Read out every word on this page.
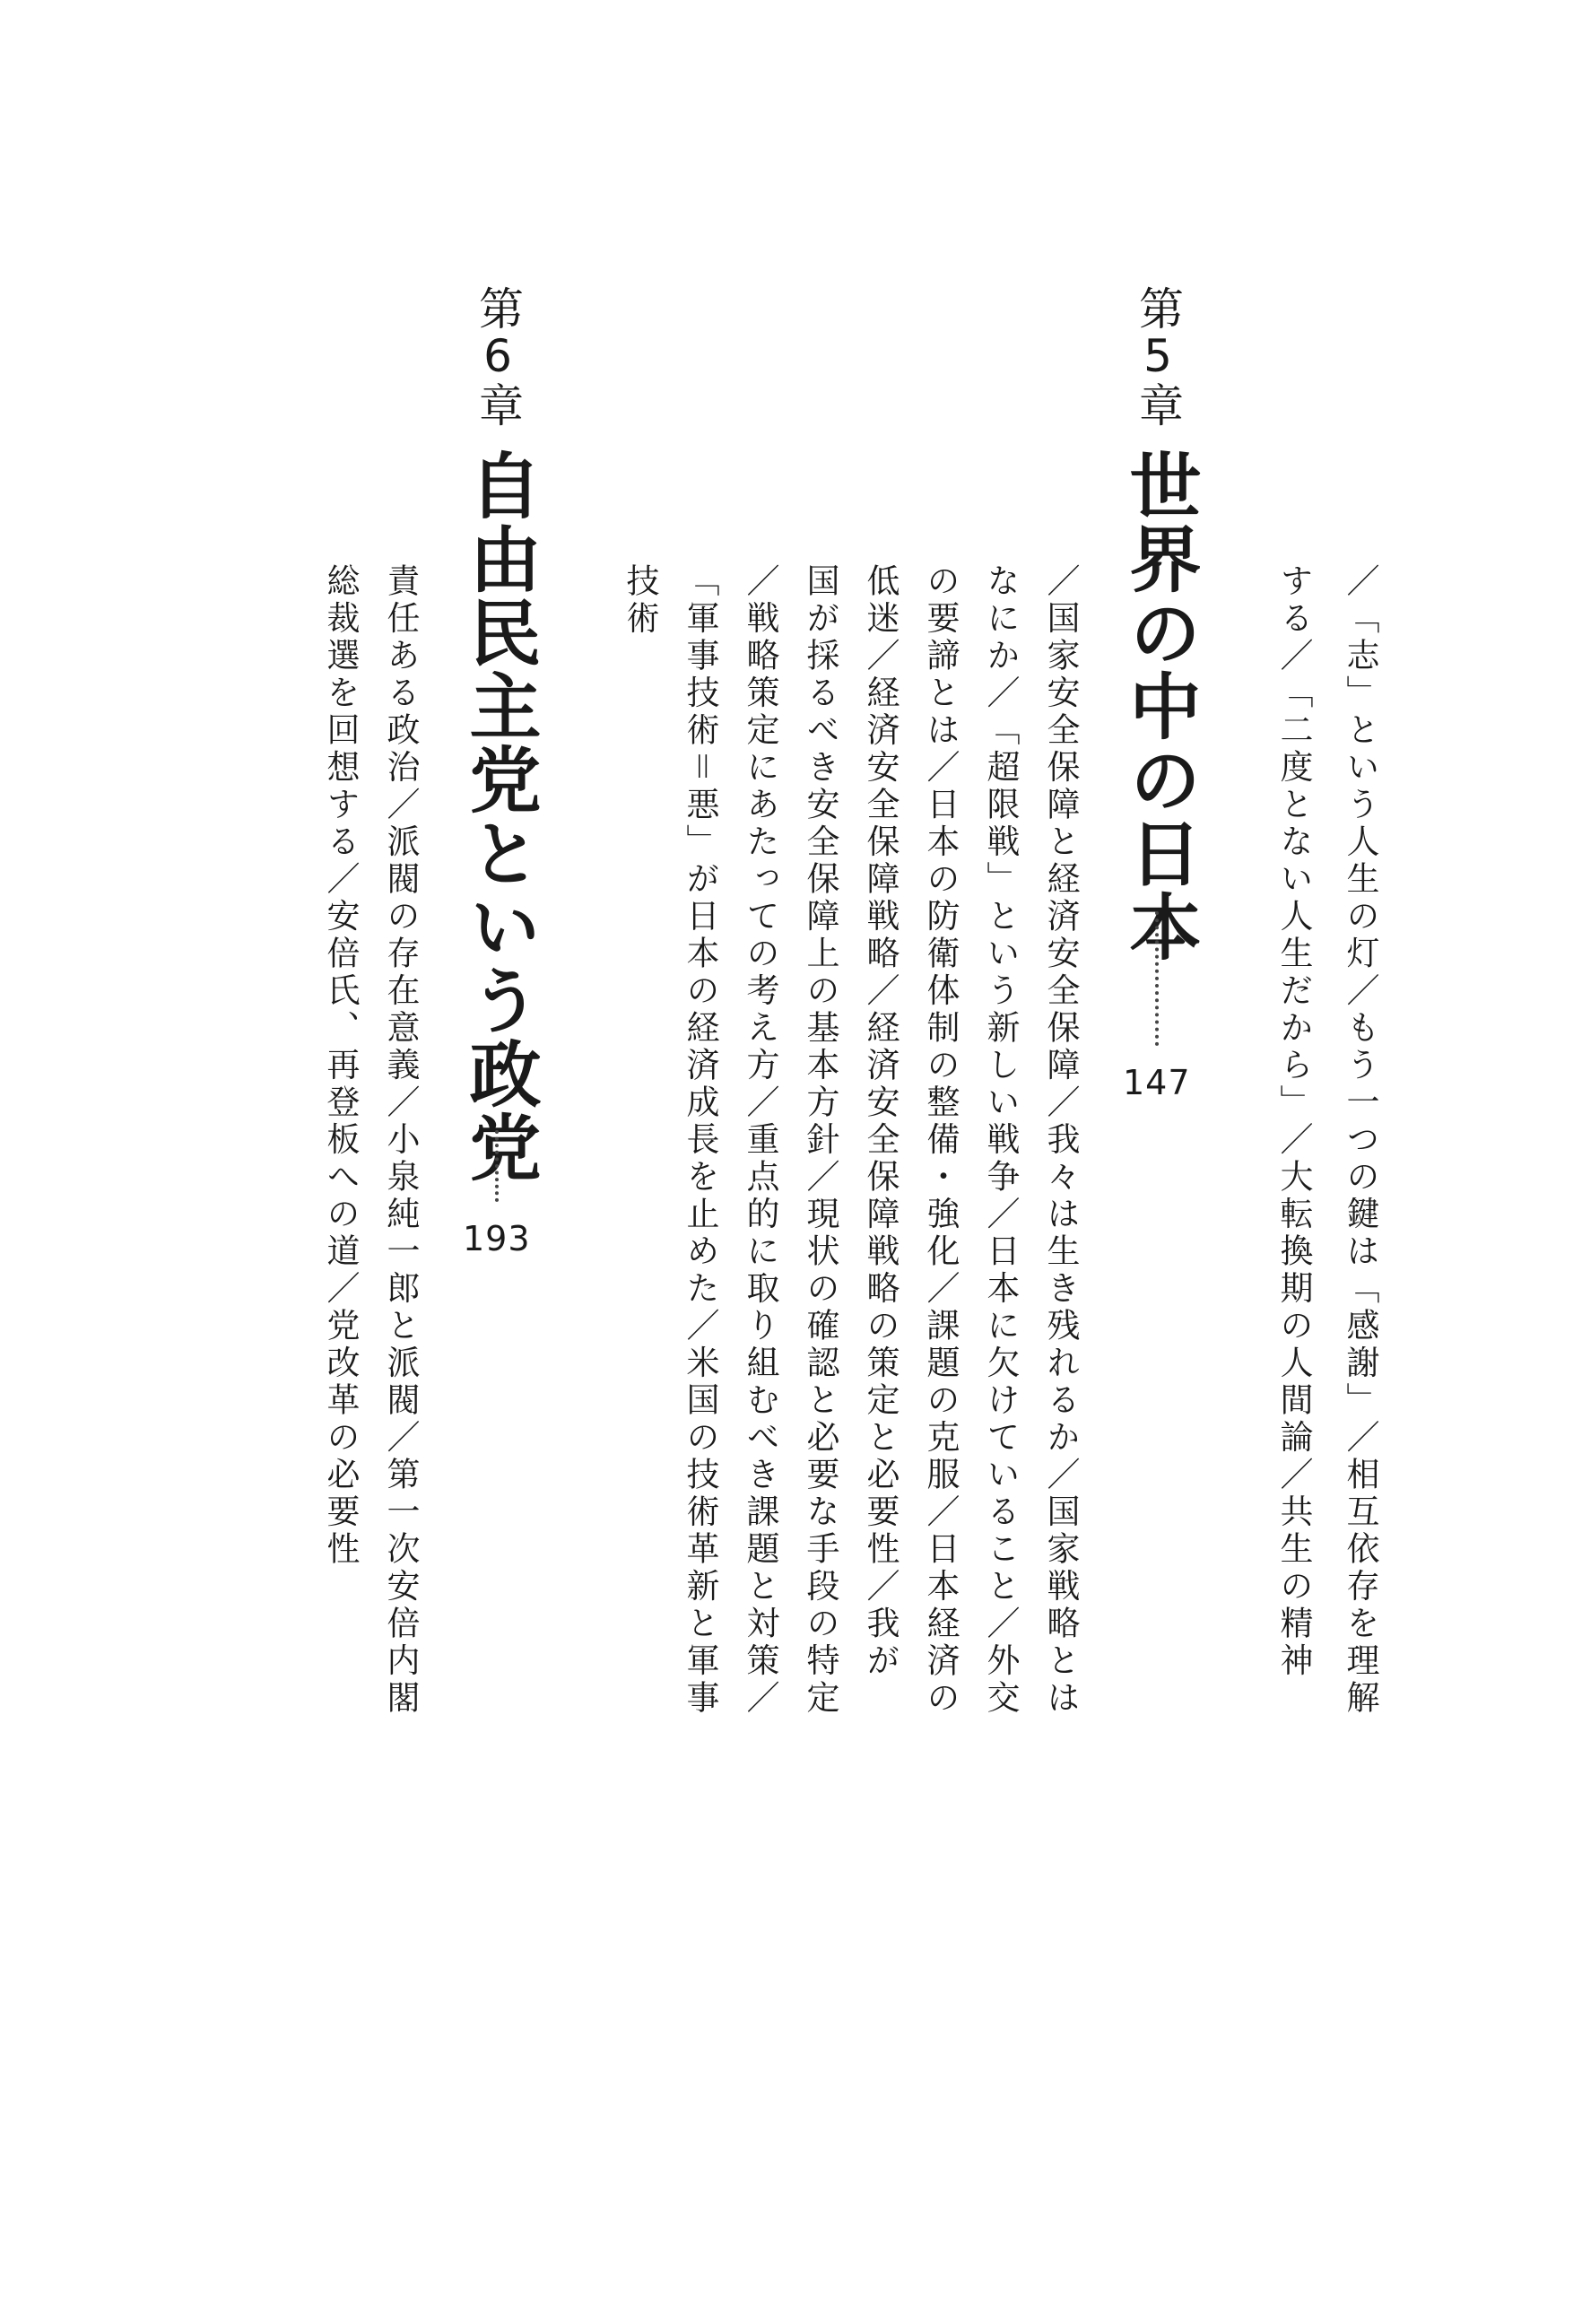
／「志」という人生の灯／もう一つの鍵は「感謝」／相互依存を理解
する／「二度とない人生だから」／大転換期の人間論／共生の精神
第5章
世界の中の日本
147
／国家安全保障と経済安全保障／我々は生き残れるか／国家戦略とは
なにか／「超限戦」という新しい戦争／日本に欠けていること／外交
の要諦とは／日本の防衛体制の整備・強化／課題の克服／日本経済の
低迷／経済安全保障戦略／経済安全保障戦略の策定と必要性／我が
国が採るべき安全保障上の基本方針／現状の確認と必要な手段の特定
／戦略策定にあたっての考え方／重点的に取り組むべき課題と対策／
「軍事技術＝悪」が日本の経済成長を止めた／米国の技術革新と軍事
技術
第6章
自由民主党という政党
193
責任ある政治／派閥の存在意義／小泉純一郎と派閥／第一次安倍内閣
総裁選を回想する／安倍氏、再登板への道／党改革の必要性
